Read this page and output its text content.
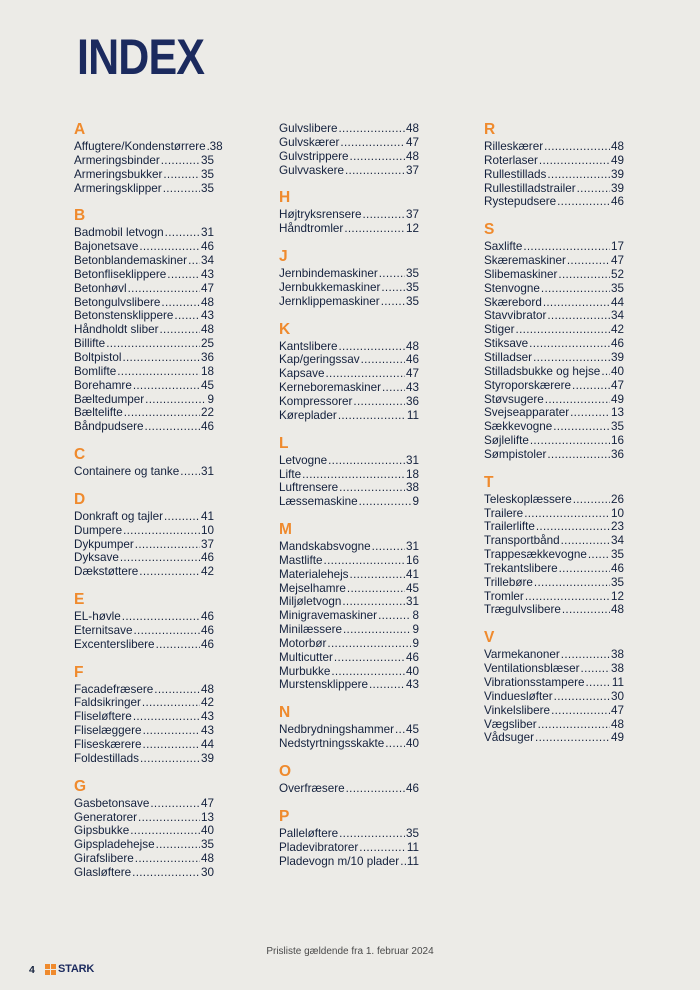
INDEX
A
Affugtere/Kondenstørrere ..... 38
Armeringsbinder .....	35
Armeringsbukker .....	35
Armeringsklipper .....	35
B
Badmobil letvogn .....	31
Bajonetsave .....	46
Betonblandemaskiner ..... 34
Betonfliseklippere .....	43
Betonhøvl .....	47
Betongulvslibere .....	48
Betonstensklippere ..... 43
Håndholdt sliber .....	48
Billifte .....	25
Boltpistol .....	36
Bomlifte .....	18
Borehamre .....	45
Bæltedumper .....	9
Bæltelifte .....	22
Båndpudsere .....	46
C
Containere og tanke ..... 31
D
Donkraft og tajler .....	41
Dumpere .....	10
Dykpumper .....	37
Dyksave .....	46
Dækstøttere .....	42
E
EL-høvle .....	46
Eternitsave .....	46
Excenterslibere .....	46
F
Facadefræsere .....	48
Faldsikringer .....	42
Fliseløftere .....	43
Fliselæggere .....	43
Fliseskærere .....	44
Foldestillads .....	39
G
Gasbetonsave .....	47
Generatorer .....	13
Gipsbukke .....	40
Gipspladehejse .....	35
Girafslibere .....	48
Glasløftere .....	30
Gulvslibere .....	48
Gulvskærer .....	47
Gulvstrippere .....	48
Gulvvaskere .....	37
H
Højtryksrensere .....	37
Håndtromler .....	12
J
Jernbindemaskiner ..... 35
Jernbukkemaskiner ..... 35
Jernklippemaskiner ..... 35
K
Kantslibere .....	48
Kap/geringssav .....	46
Kapsave .....	47
Kerneboremaskiner ..... 43
Kompressorer .....	36
Køreplader .....	11
L
Letvogne .....	31
Lifte .....	18
Luftrensere .....	38
Læssemaskine .....	9
M
Mandskabsvogne .....	31
Mastlifte .....	16
Materialehejs .....	41
Mejselhamre .....	45
Miljøletvogn .....	31
Minigravemaskiner .....	8
Minilæssere .....	9
Motorbør .....	9
Multicutter .....	46
Murbukke .....	40
Murstensklippere .....	43
N
Nedbrydningshammer ..... 45
Nedstyrtningsskakte ..... 40
O
Overfræsere .....	46
P
Palleløftere .....	35
Pladevibratorer .....	11
Pladevogn m/10 plader ..... 11
R
Rilleskærer .....	48
Roterlaser .....	49
Rullestillads .....	39
Rullestilladstrailer .....	39
Rystepudsere .....	46
S
Saxlifte .....	17
Skæremaskiner .....	47
Slibemaskiner .....	52
Stenvogne .....	35
Skærebord .....	44
Stavvibrator .....	34
Stiger .....	42
Stiksave .....	46
Stilladser .....	39
Stilladsbukke og hejse ..... 40
Styroporskærere .....	47
Støvsugere .....	49
Svejseapparater .....	13
Sækkevogne .....	35
Søjlelifte .....	16
Sømpistoler .....	36
T
Teleskoplæssere .....	26
Trailere .....	10
Trailerlifte .....	23
Transportbånd .....	34
Trappesækkevogne ..... 35
Trekantslibere .....	46
Trillebøre .....	35
Tromler .....	12
Trægulvslibere .....	48
V
Varmekanoner .....	38
Ventilationsblæser .....	38
Vibrationsstampere ..... 11
Vinduesløfter .....	30
Vinkelslibere .....	47
Vægsliber .....	48
Vådsuger .....	49
Prisliste gældende fra 1. februar 2024
4 STARK
